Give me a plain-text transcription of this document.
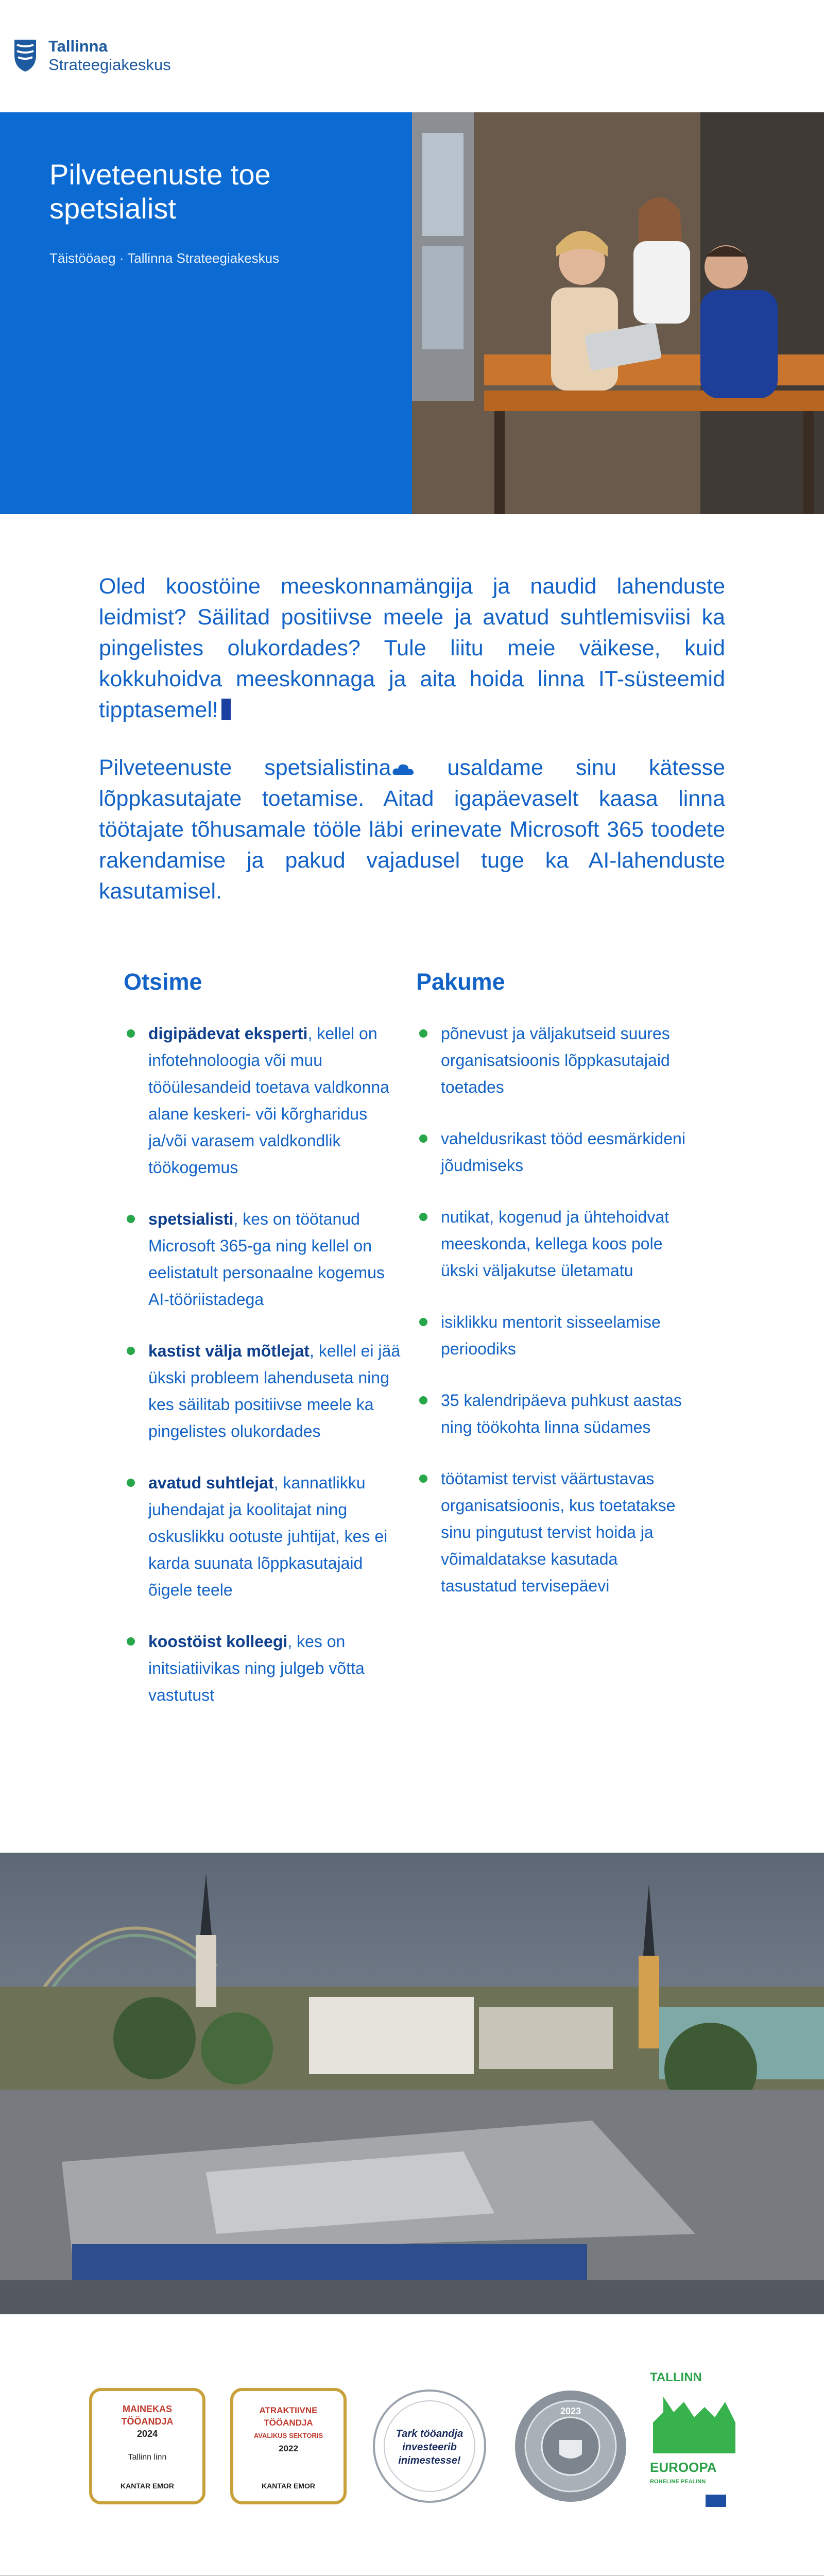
Tallinna
Strateegiakeskus
Pilveteenuste toe spetsialist
Täistööaeg · Tallinna Strateegiakeskus

Oled koostöine meeskonnamängija ja naudid lahenduste leidmist? Säilitad positiivse meele ja avatud suhtlemisviisi ka pingelistes olukordades? Tule liitu meie väikese, kuid kokkuhoidva meeskonnaga ja aita hoida linna IT-süsteemid tipptasemel!

Pilveteenuste spetsialistina usaldame sinu kätesse lõppkasutajate toetamise. Aitad igapäevaselt kaasa linna töötajate tõhusamale tööle läbi erinevate Microsoft 365 toodete rakendamise ja pakud vajadusel tuge ka AI-lahenduste kasutamisel.

Otsime
digipädevat eksperti, kellel on infotehnoloogia või muu tööülesandeid toetava valdkonna alane keskeri- või kõrgharidus ja/või varasem valdkondlik töökogemus
spetsialisti, kes on töötanud Microsoft 365-ga ning kellel on eelistatult personaalne kogemus AI-tööriistadega
kastist välja mõtlejat, kellel ei jää ükski probleem lahenduseta ning kes säilitab positiivse meele ka pingelistes olukordades
avatud suhtlejat, kannatlikku juhendajat ja koolitajat ning oskuslikku ootuste juhtijat, kes ei karda suunata lõppkasutajaid õigele teele
koostöist kolleegi, kes on initsiatiivikas ning julgeb võtta vastutust
Pakume
põnevust ja väljakutseid suures organisatsioonis lõppkasutajaid toetades
vaheldusrikast tööd eesmärkideni jõudmiseks
nutikat, kogenud ja ühtehoidvat meeskonda, kellega koos pole ükski väljakutse ületamatu
isiklikku mentorit sisseelamise perioodiks
35 kalendripäeva puhkust aastas ning töökohta linna südames
töötamist tervist väärtustavas organisatsioonis, kus toetatakse sinu pingutust tervist hoida ja võimaldatakse kasutada tasustatud tervisepäevi
MAINEKAS
TÖÖANDJA
2024
Tallinn linn
KANTAR EMOR
ATRAKTIIVNE
TÖÖANDJA
AVALIKUS SEKTORIS
2022
KANTAR EMOR
Tark tööandja
investeerib
inimestesse!
2023
TALLINN
EUROOPA
ROHELINE PEALINN
